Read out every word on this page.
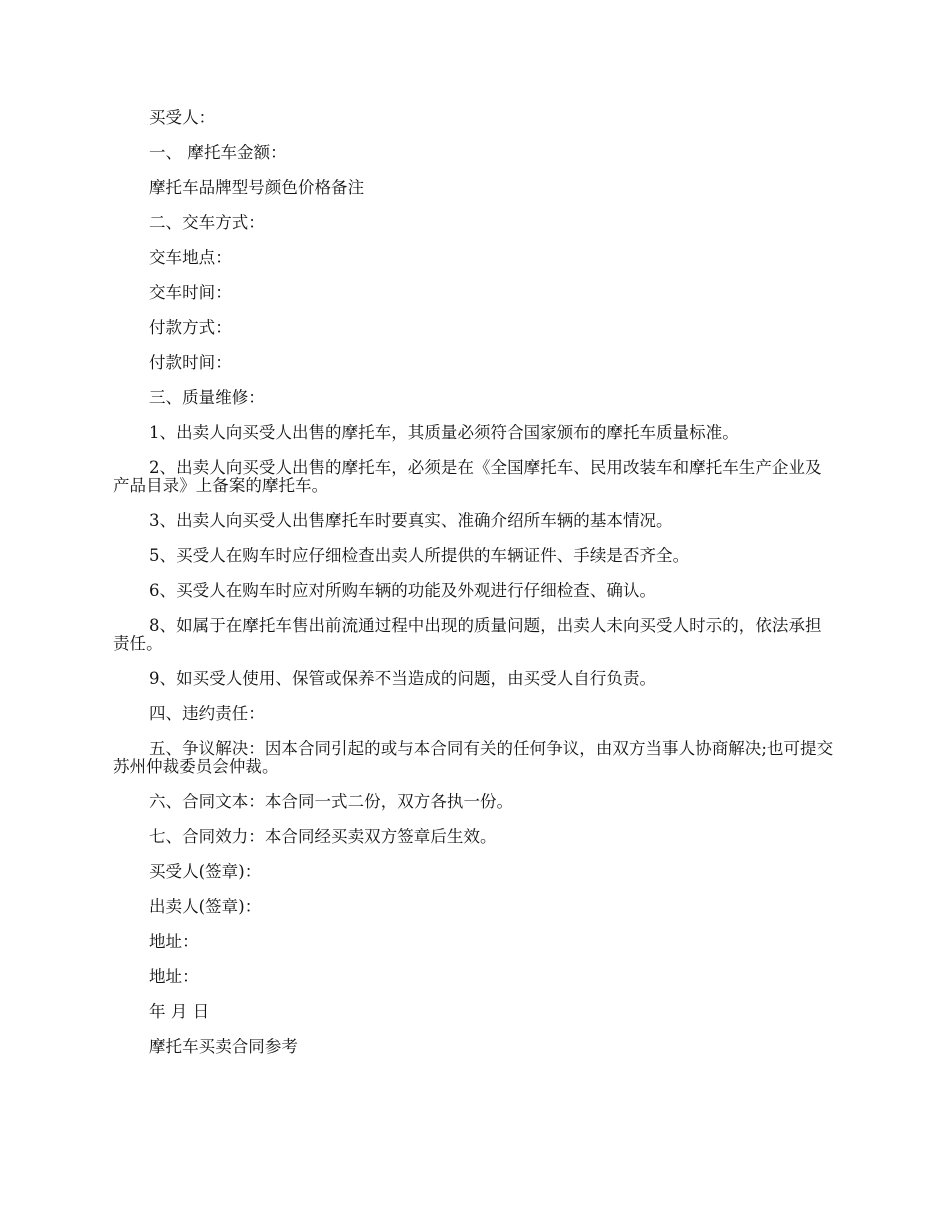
买受人：

一、 摩托车金额：

摩托车品牌型号颜色价格备注

二、交车方式：

交车地点：

交车时间：

付款方式：

付款时间：

三、质量维修：

1、出卖人向买受人出售的摩托车，其质量必须符合国家颁布的摩托车质量标准。

2、出卖人向买受人出售的摩托车，必须是在《全国摩托车、民用改装车和摩托车生产企业及产品目录》上备案的摩托车。

3、出卖人向买受人出售摩托车时要真实、准确介绍所车辆的基本情况。

5、买受人在购车时应仔细检查出卖人所提供的车辆证件、手续是否齐全。

6、买受人在购车时应对所购车辆的功能及外观进行仔细检查、确认。

8、如属于在摩托车售出前流通过程中出现的质量问题，出卖人未向买受人时示的，依法承担责任。

9、如买受人使用、保管或保养不当造成的问题，由买受人自行负责。

四、违约责任：

五、争议解决：因本合同引起的或与本合同有关的任何争议，由双方当事人协商解决;也可提交苏州仲裁委员会仲裁。

六、合同文本：本合同一式二份，双方各执一份。

七、合同效力：本合同经买卖双方签章后生效。

买受人(签章)：

出卖人(签章)：

地址：

地址：

年 月 日

摩托车买卖合同参考
